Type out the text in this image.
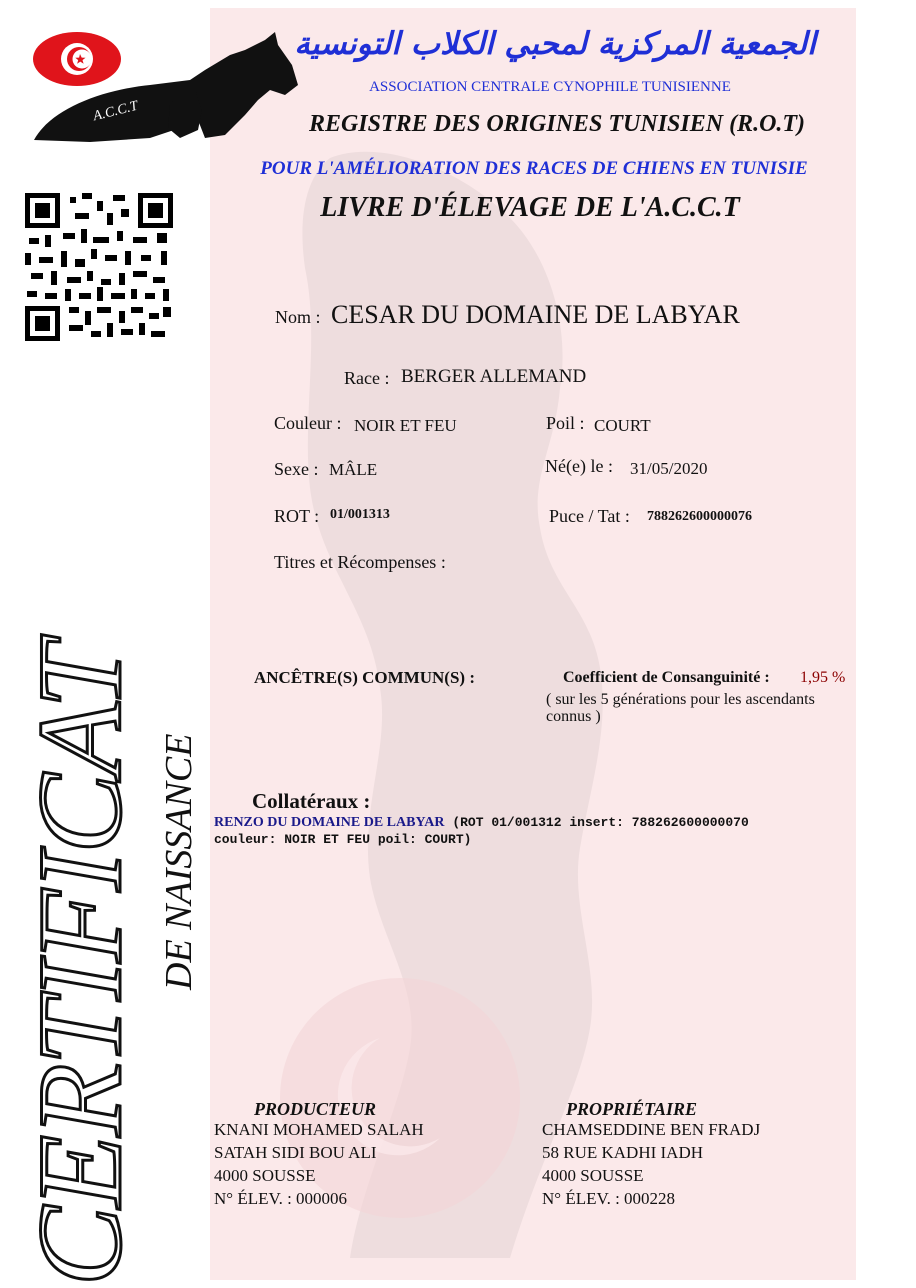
A.C.C.T
الجمعية المركزية لمحبي الكلاب التونسية
ASSOCIATION CENTRALE CYNOPHILE TUNISIENNE
REGISTRE DES ORIGINES TUNISIEN (R.O.T)
POUR L'AMÉLIORATION DES RACES DE CHIENS EN TUNISIE
LIVRE D'ÉLEVAGE DE L'A.C.C.T
CERTIFICAT DE NAISSANCE
Nom : CESAR DU DOMAINE DE LABYAR
Race : BERGER ALLEMAND
Couleur : NOIR ET FEU	Poil : COURT
Sexe : MÂLE	Né(e) le : 31/05/2020
ROT : 01/001313	Puce / Tat : 788262600000076
Titres et Récompenses :
ANCÊTRE(S) COMMUN(S) :	Coefficient de Consanguinité : 1,95 %
( sur les 5 générations pour les ascendants connus )
Collatéraux :
RENZO DU DOMAINE DE LABYAR (ROT 01/001312 insert: 788262600000070
couleur: NOIR ET FEU poil: COURT)
PRODUCTEUR
KNANI MOHAMED SALAH
SATAH SIDI BOU ALI
4000 SOUSSE
N° ÉLEV. : 000006
PROPRIÉTAIRE
CHAMSEDDINE BEN FRADJ
58 RUE KADHI IADH
4000 SOUSSE
N° ÉLEV. : 000228
